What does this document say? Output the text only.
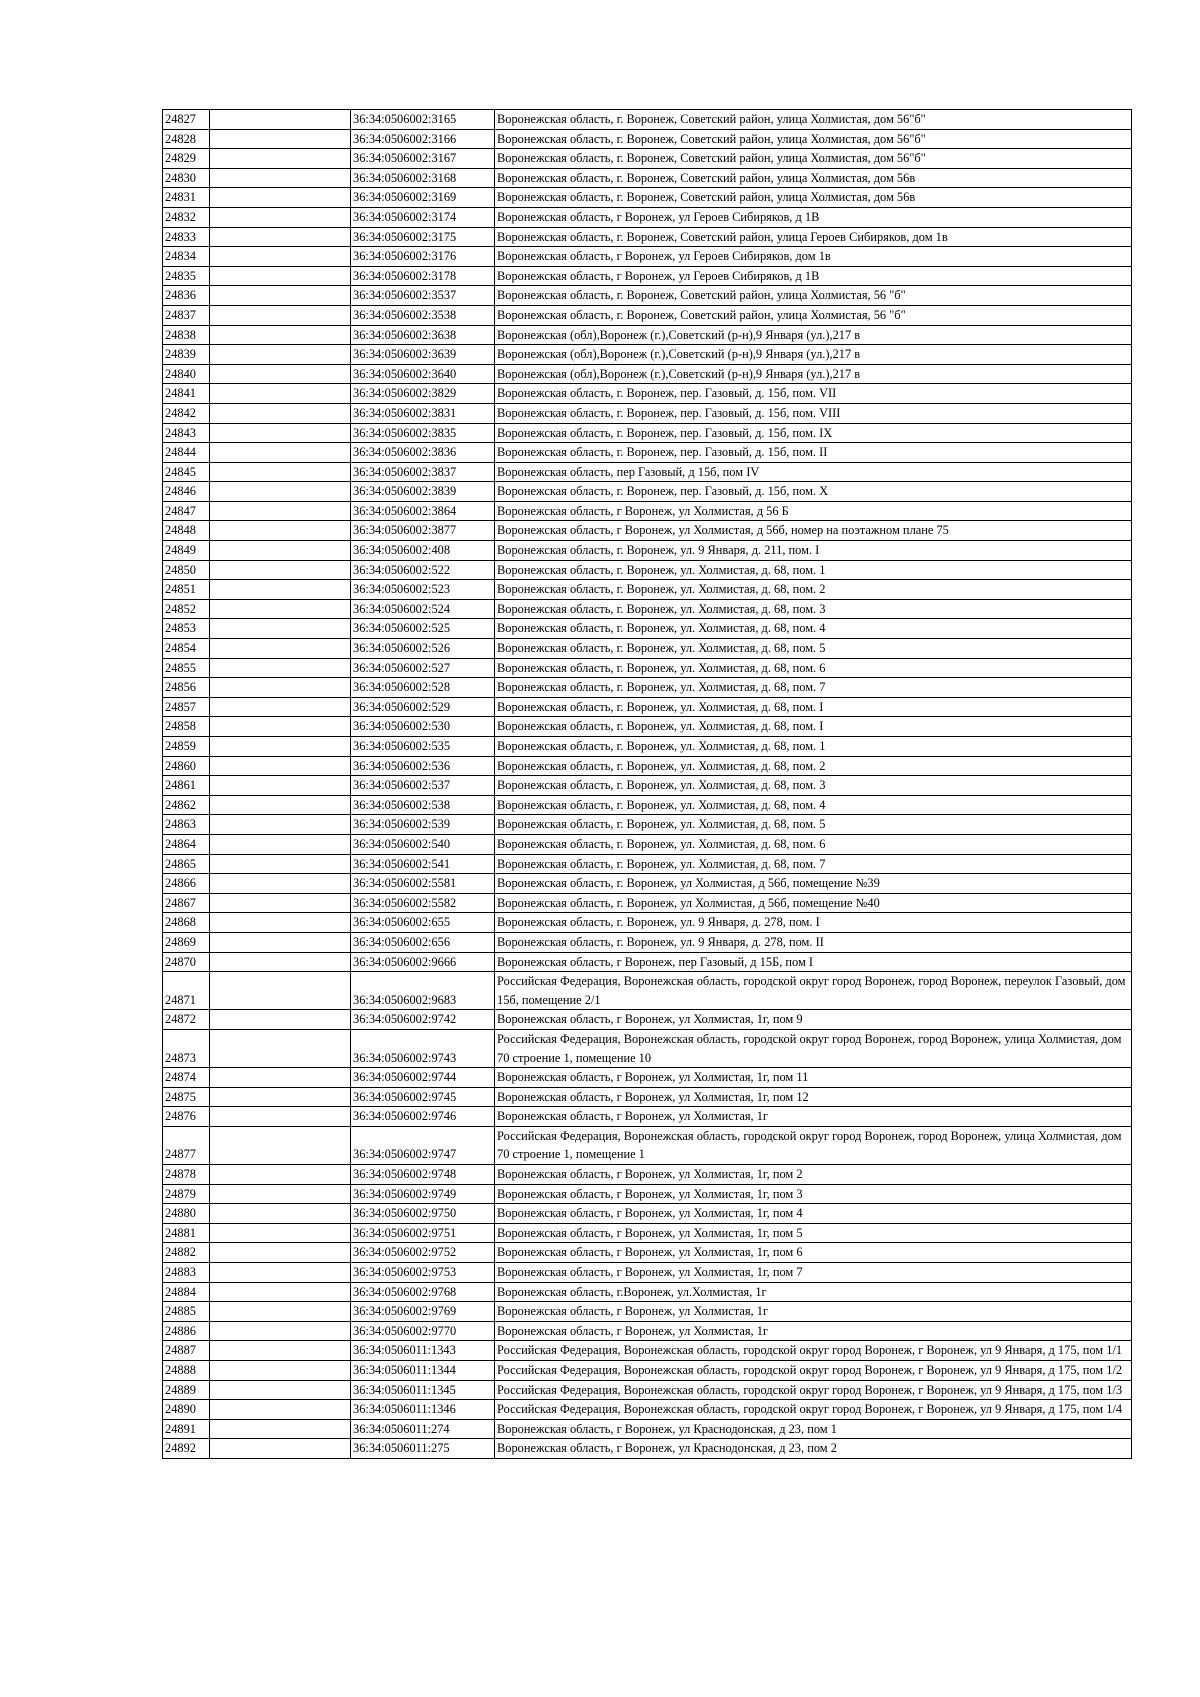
24827		36:34:0506002:3165	Воронежская область, г. Воронеж, Советский район, улица Холмистая, дом 56"б"
24828		36:34:0506002:3166	Воронежская область, г. Воронеж, Советский район, улица Холмистая, дом 56"б"
24829		36:34:0506002:3167	Воронежская область, г. Воронеж, Советский район, улица Холмистая, дом 56"б"
24830		36:34:0506002:3168	Воронежская область, г. Воронеж, Советский район, улица Холмистая, дом 56в
24831		36:34:0506002:3169	Воронежская область, г. Воронеж, Советский район, улица Холмистая, дом 56в
24832		36:34:0506002:3174	Воронежская область, г Воронеж, ул Героев Сибиряков, д 1В
24833		36:34:0506002:3175	Воронежская область, г. Воронеж, Советский район, улица Героев Сибиряков, дом 1в
24834		36:34:0506002:3176	Воронежская область, г Воронеж, ул Героев Сибиряков, дом 1в
24835		36:34:0506002:3178	Воронежская область, г Воронеж, ул Героев Сибиряков, д 1В
24836		36:34:0506002:3537	Воронежская область, г. Воронеж, Советский район, улица Холмистая, 56 "б"
24837		36:34:0506002:3538	Воронежская область, г. Воронеж, Советский район, улица Холмистая, 56 "б"
24838		36:34:0506002:3638	Воронежская (обл),Воронеж (г.),Советский (р-н),9 Января (ул.),217 в
24839		36:34:0506002:3639	Воронежская (обл),Воронеж (г.),Советский (р-н),9 Января (ул.),217 в
24840		36:34:0506002:3640	Воронежская (обл),Воронеж (г.),Советский (р-н),9 Января (ул.),217 в
24841		36:34:0506002:3829	Воронежская область, г. Воронеж, пер. Газовый, д. 15б, пом. VII
24842		36:34:0506002:3831	Воронежская область, г. Воронеж, пер. Газовый, д. 15б, пом. VIII
24843		36:34:0506002:3835	Воронежская область, г. Воронеж, пер. Газовый, д. 15б, пом. IX
24844		36:34:0506002:3836	Воронежская область, г. Воронеж, пер. Газовый, д. 15б, пом. II
24845		36:34:0506002:3837	Воронежская область, пер Газовый, д 15б, пом IV
24846		36:34:0506002:3839	Воронежская область, г. Воронеж, пер. Газовый, д. 15б, пом. X
24847		36:34:0506002:3864	Воронежская область, г Воронеж, ул Холмистая, д 56 Б
24848		36:34:0506002:3877	Воронежская область, г Воронеж, ул Холмистая, д 56б, номер на поэтажном плане 75
24849		36:34:0506002:408	Воронежская область, г. Воронеж, ул. 9 Января, д. 211, пом. I
24850		36:34:0506002:522	Воронежская область, г. Воронеж, ул. Холмистая, д. 68, пом. 1
24851		36:34:0506002:523	Воронежская область, г. Воронеж, ул. Холмистая, д. 68, пом. 2
24852		36:34:0506002:524	Воронежская область, г. Воронеж, ул. Холмистая, д. 68, пом. 3
24853		36:34:0506002:525	Воронежская область, г. Воронеж, ул. Холмистая, д. 68, пом. 4
24854		36:34:0506002:526	Воронежская область, г. Воронеж, ул. Холмистая, д. 68, пом. 5
24855		36:34:0506002:527	Воронежская область, г. Воронеж, ул. Холмистая, д. 68, пом. 6
24856		36:34:0506002:528	Воронежская область, г. Воронеж, ул. Холмистая, д. 68, пом. 7
24857		36:34:0506002:529	Воронежская область, г. Воронеж, ул. Холмистая, д. 68, пом. I
24858		36:34:0506002:530	Воронежская область, г. Воронеж, ул. Холмистая, д. 68, пом. I
24859		36:34:0506002:535	Воронежская область, г. Воронеж, ул. Холмистая, д. 68, пом. 1
24860		36:34:0506002:536	Воронежская область, г. Воронеж, ул. Холмистая, д. 68, пом. 2
24861		36:34:0506002:537	Воронежская область, г. Воронеж, ул. Холмистая, д. 68, пом. 3
24862		36:34:0506002:538	Воронежская область, г. Воронеж, ул. Холмистая, д. 68, пом. 4
24863		36:34:0506002:539	Воронежская область, г. Воронеж, ул. Холмистая, д. 68, пом. 5
24864		36:34:0506002:540	Воронежская область, г. Воронеж, ул. Холмистая, д. 68, пом. 6
24865		36:34:0506002:541	Воронежская область, г. Воронеж, ул. Холмистая, д. 68, пом. 7
24866		36:34:0506002:5581	Воронежская область, г. Воронеж, ул Холмистая, д 56б, помещение №39
24867		36:34:0506002:5582	Воронежская область, г. Воронеж, ул Холмистая, д 56б, помещение №40
24868		36:34:0506002:655	Воронежская область, г. Воронеж, ул. 9 Января, д. 278, пом. I
24869		36:34:0506002:656	Воронежская область, г. Воронеж, ул. 9 Января, д. 278, пом. II
24870		36:34:0506002:9666	Воронежская область, г Воронеж, пер Газовый, д 15Б, пом I
24871		36:34:0506002:9683	Российская Федерация, Воронежская область, городской округ город Воронеж, город Воронеж, переулок Газовый, дом 15б, помещение 2/1
24872		36:34:0506002:9742	Воронежская область, г Воронеж, ул Холмистая, 1г, пом 9
24873		36:34:0506002:9743	Российская Федерация, Воронежская область, городской округ город Воронеж, город Воронеж, улица Холмистая, дом 70 строение 1, помещение 10
24874		36:34:0506002:9744	Воронежская область, г Воронеж, ул Холмистая, 1г, пом 11
24875		36:34:0506002:9745	Воронежская область, г Воронеж, ул Холмистая, 1г, пом 12
24876		36:34:0506002:9746	Воронежская область, г Воронеж, ул Холмистая, 1г
24877		36:34:0506002:9747	Российская Федерация, Воронежская область, городской округ город Воронеж, город Воронеж, улица Холмистая, дом 70 строение 1, помещение 1
24878		36:34:0506002:9748	Воронежская область, г Воронеж, ул Холмистая, 1г, пом 2
24879		36:34:0506002:9749	Воронежская область, г Воронеж, ул Холмистая, 1г, пом 3
24880		36:34:0506002:9750	Воронежская область, г Воронеж, ул Холмистая, 1г, пом 4
24881		36:34:0506002:9751	Воронежская область, г Воронеж, ул Холмистая, 1г, пом 5
24882		36:34:0506002:9752	Воронежская область, г Воронеж, ул Холмистая, 1г, пом 6
24883		36:34:0506002:9753	Воронежская область, г Воронеж, ул Холмистая, 1г, пом 7
24884		36:34:0506002:9768	Воронежская область, г.Воронеж, ул.Холмистая, 1г
24885		36:34:0506002:9769	Воронежская область, г Воронеж, ул Холмистая, 1г
24886		36:34:0506002:9770	Воронежская область, г Воронеж, ул Холмистая, 1г
24887		36:34:0506011:1343	Российская Федерация, Воронежская область, городской округ город Воронеж, г Воронеж, ул 9 Января, д 175, пом 1/1
24888		36:34:0506011:1344	Российская Федерация, Воронежская область, городской округ город Воронеж, г Воронеж, ул 9 Января, д 175, пом 1/2
24889		36:34:0506011:1345	Российская Федерация, Воронежская область, городской округ город Воронеж, г Воронеж, ул 9 Января, д 175, пом 1/3
24890		36:34:0506011:1346	Российская Федерация, Воронежская область, городской округ город Воронеж, г Воронеж, ул 9 Января, д 175, пом 1/4
24891		36:34:0506011:274	Воронежская область, г Воронеж, ул Краснодонская, д 23, пом 1
24892		36:34:0506011:275	Воронежская область, г Воронеж, ул Краснодонская, д 23, пом 2
